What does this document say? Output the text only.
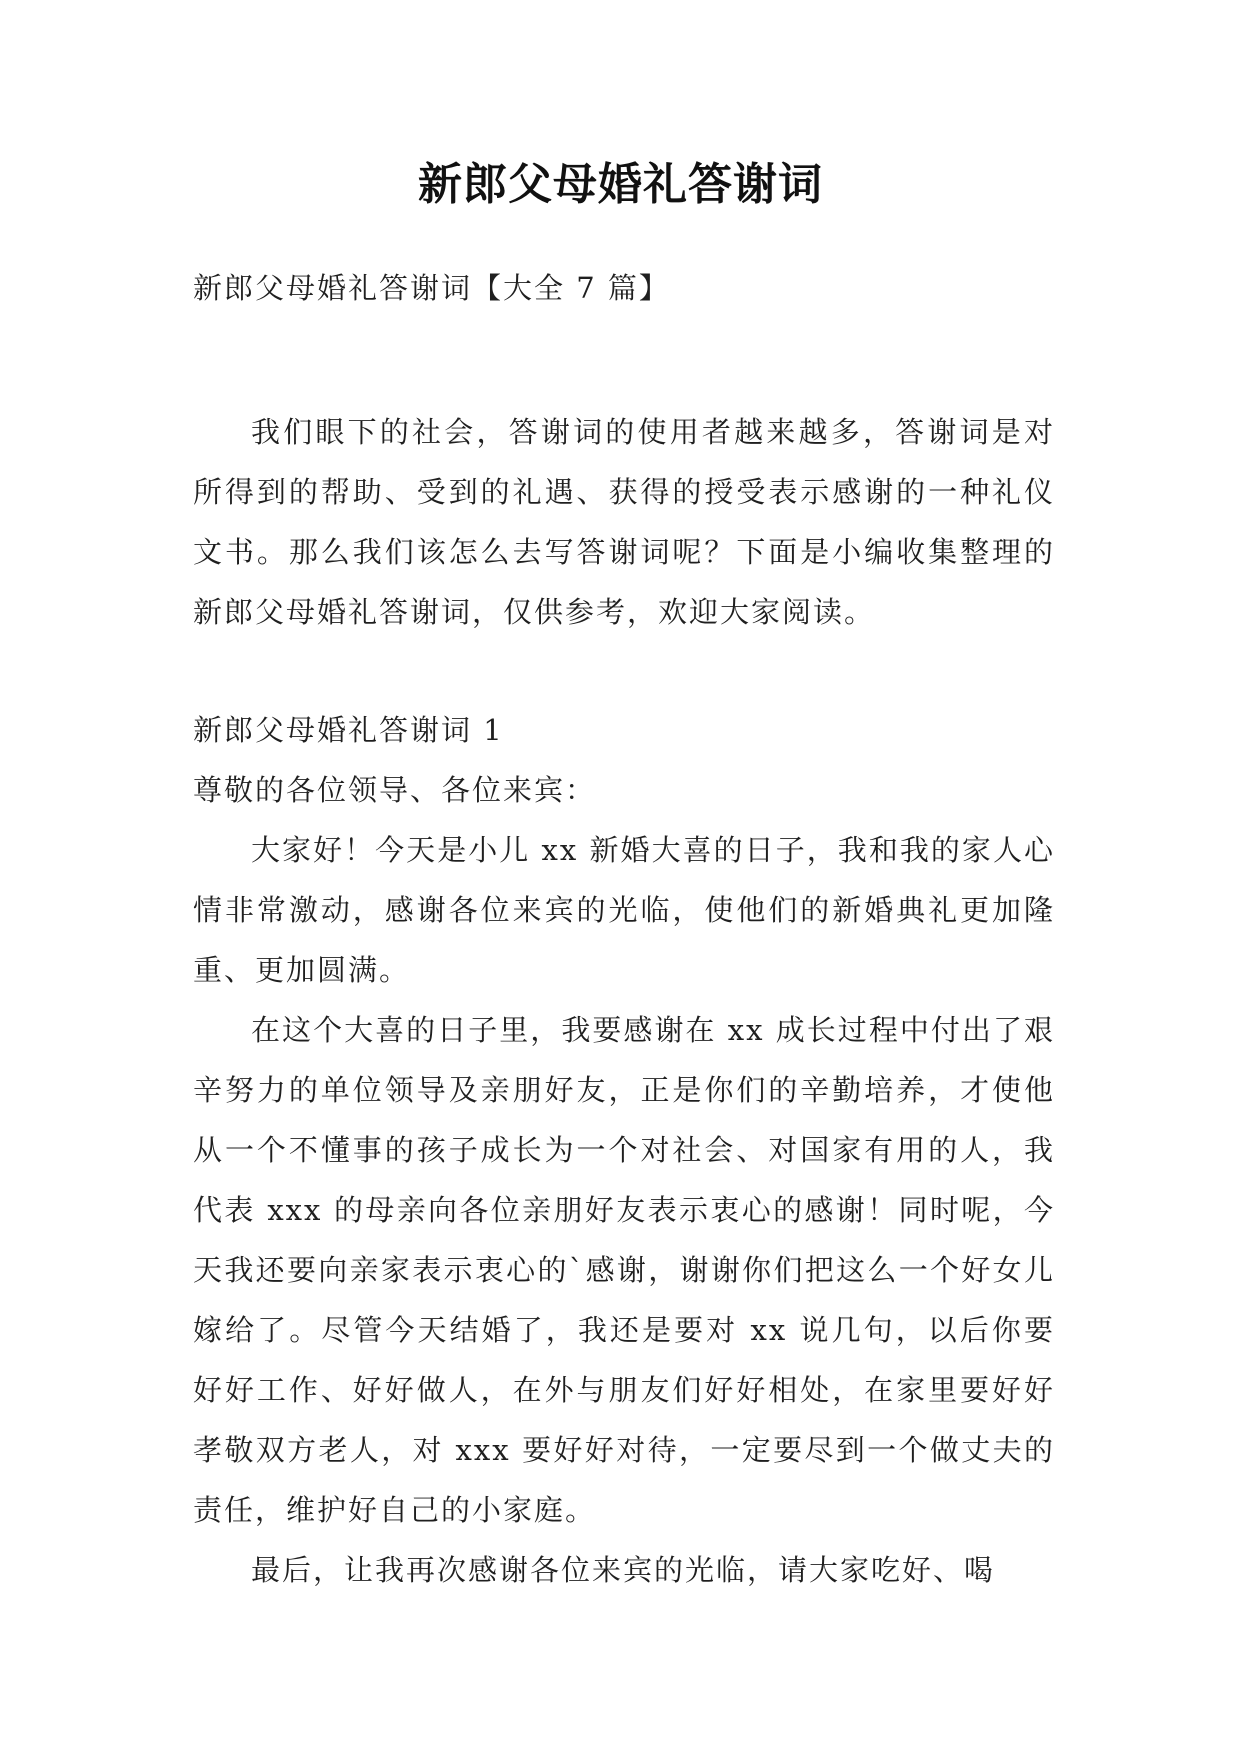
新郎父母婚礼答谢词

新郎父母婚礼答谢词【大全 7 篇】

我们眼下的社会，答谢词的使用者越来越多，答谢词是对所得到的帮助、受到的礼遇、获得的授受表示感谢的一种礼仪文书。那么我们该怎么去写答谢词呢？下面是小编收集整理的新郎父母婚礼答谢词，仅供参考，欢迎大家阅读。

新郎父母婚礼答谢词 1

尊敬的各位领导、各位来宾：

大家好！今天是小儿 xx 新婚大喜的日子，我和我的家人心情非常激动，感谢各位来宾的光临，使他们的新婚典礼更加隆重、更加圆满。

在这个大喜的日子里，我要感谢在 xx 成长过程中付出了艰辛努力的单位领导及亲朋好友，正是你们的辛勤培养，才使他从一个不懂事的孩子成长为一个对社会、对国家有用的人，我代表 xxx 的母亲向各位亲朋好友表示衷心的感谢！同时呢，今天我还要向亲家表示衷心的`感谢，谢谢你们把这么一个好女儿嫁给了。尽管今天结婚了，我还是要对 xx 说几句，以后你要好好工作、好好做人，在外与朋友们好好相处，在家里要好好孝敬双方老人，对 xxx 要好好对待，一定要尽到一个做丈夫的责任，维护好自己的小家庭。

最后，让我再次感谢各位来宾的光临，请大家吃好、喝
